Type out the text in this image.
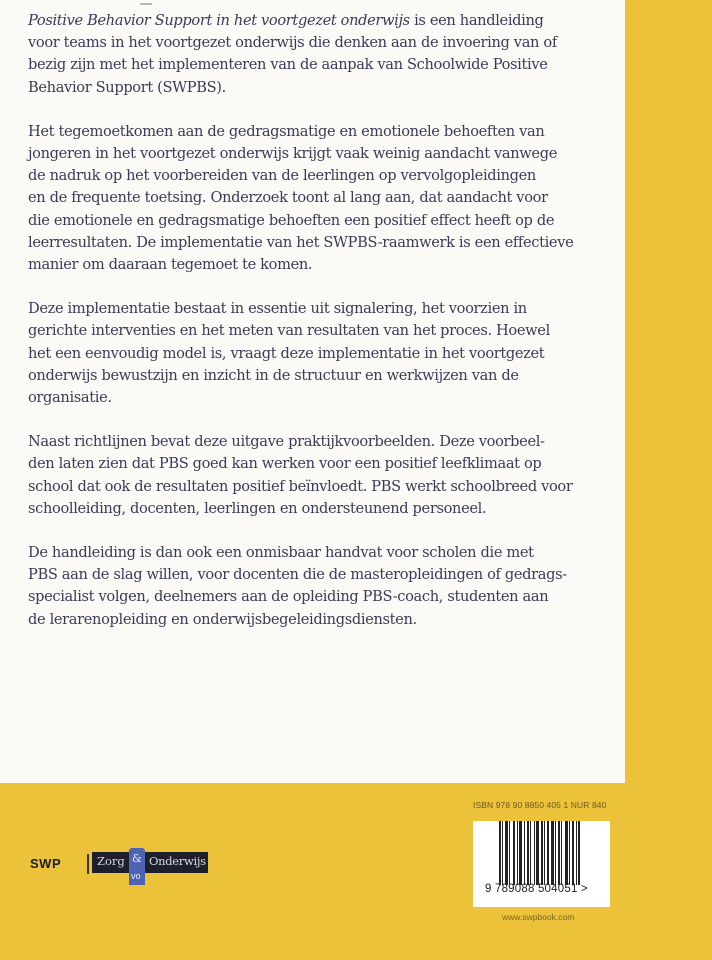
Positive Behavior Support in het voortgezet onderwijs is een handleiding
voor teams in het voortgezet onderwijs die denken aan de invoering van of
bezig zijn met het implementeren van de aanpak van Schoolwide Positive
Behavior Support (SWPBS).

Het tegemoetkomen aan de gedragsmatige en emotionele behoeften van
jongeren in het voortgezet onderwijs krijgt vaak weinig aandacht vanwege
de nadruk op het voorbereiden van de leerlingen op vervolgopleidingen
en de frequente toetsing. Onderzoek toont al lang aan, dat aandacht voor
die emotionele en gedragsmatige behoeften een positief effect heeft op de
leerresultaten. De implementatie van het SWPBS-raamwerk is een effectieve
manier om daaraan tegemoet te komen.

Deze implementatie bestaat in essentie uit signalering, het voorzien in
gerichte interventies en het meten van resultaten van het proces. Hoewel
het een eenvoudig model is, vraagt deze implementatie in het voortgezet
onderwijs bewustzijn en inzicht in de structuur en werkwijzen van de
organisatie.

Naast richtlijnen bevat deze uitgave praktijkvoorbeelden. Deze voorbeel-
den laten zien dat PBS goed kan werken voor een positief leefklimaat op
school dat ook de resultaten positief beïnvloedt. PBS werkt schoolbreed voor
schoolleiding, docenten, leerlingen en ondersteunend personeel.

De handleiding is dan ook een onmisbaar handvat voor scholen die met
PBS aan de slag willen, voor docenten die de masteropleidingen of gedrags-
specialist volgen, deelnemers aan de opleiding PBS-coach, studenten aan
de lerarenopleiding en onderwijsbegeleidingsdiensten.

SWP	Zorg Onderwijs
&
vo
ISBN 978 90 8850 405 1 NUR 840
9 789088 504051 >
www.swpbook.com
